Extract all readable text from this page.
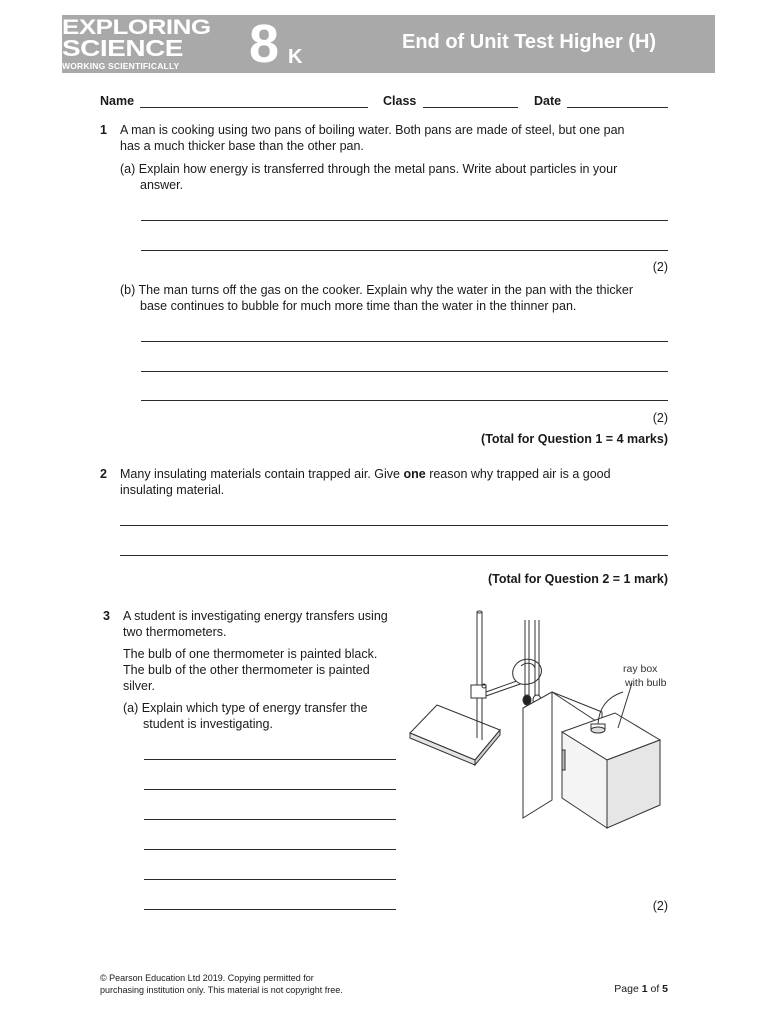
EXPLORING
SCIENCE
WORKING SCIENTIFICALLY 8 K
End of Unit Test Higher (H)
Name	Class	Date
1 A man is cooking using two pans of boiling water. Both pans are made of steel, but one pan
has a much thicker base than the other pan.
(a) Explain how energy is transferred through the metal pans. Write about particles in your
answer.
(2)
(b) The man turns off the gas on the cooker. Explain why the water in the pan with the thicker
base continues to bubble for much more time than the water in the thinner pan.
(2)
(Total for Question 1 = 4 marks)
2 Many insulating materials contain trapped air. Give one reason why trapped air is a good
insulating material.
(Total for Question 2 = 1 mark)
3 A student is investigating energy transfers using
two thermometers.
The bulb of one thermometer is painted black.
The bulb of the other thermometer is painted
silver.
(a) Explain which type of energy transfer the
student is investigating.
(2)
ray box
with bulb
© Pearson Education Ltd 2019. Copying permitted for
purchasing institution only. This material is not copyright free.	Page 1 of 5
